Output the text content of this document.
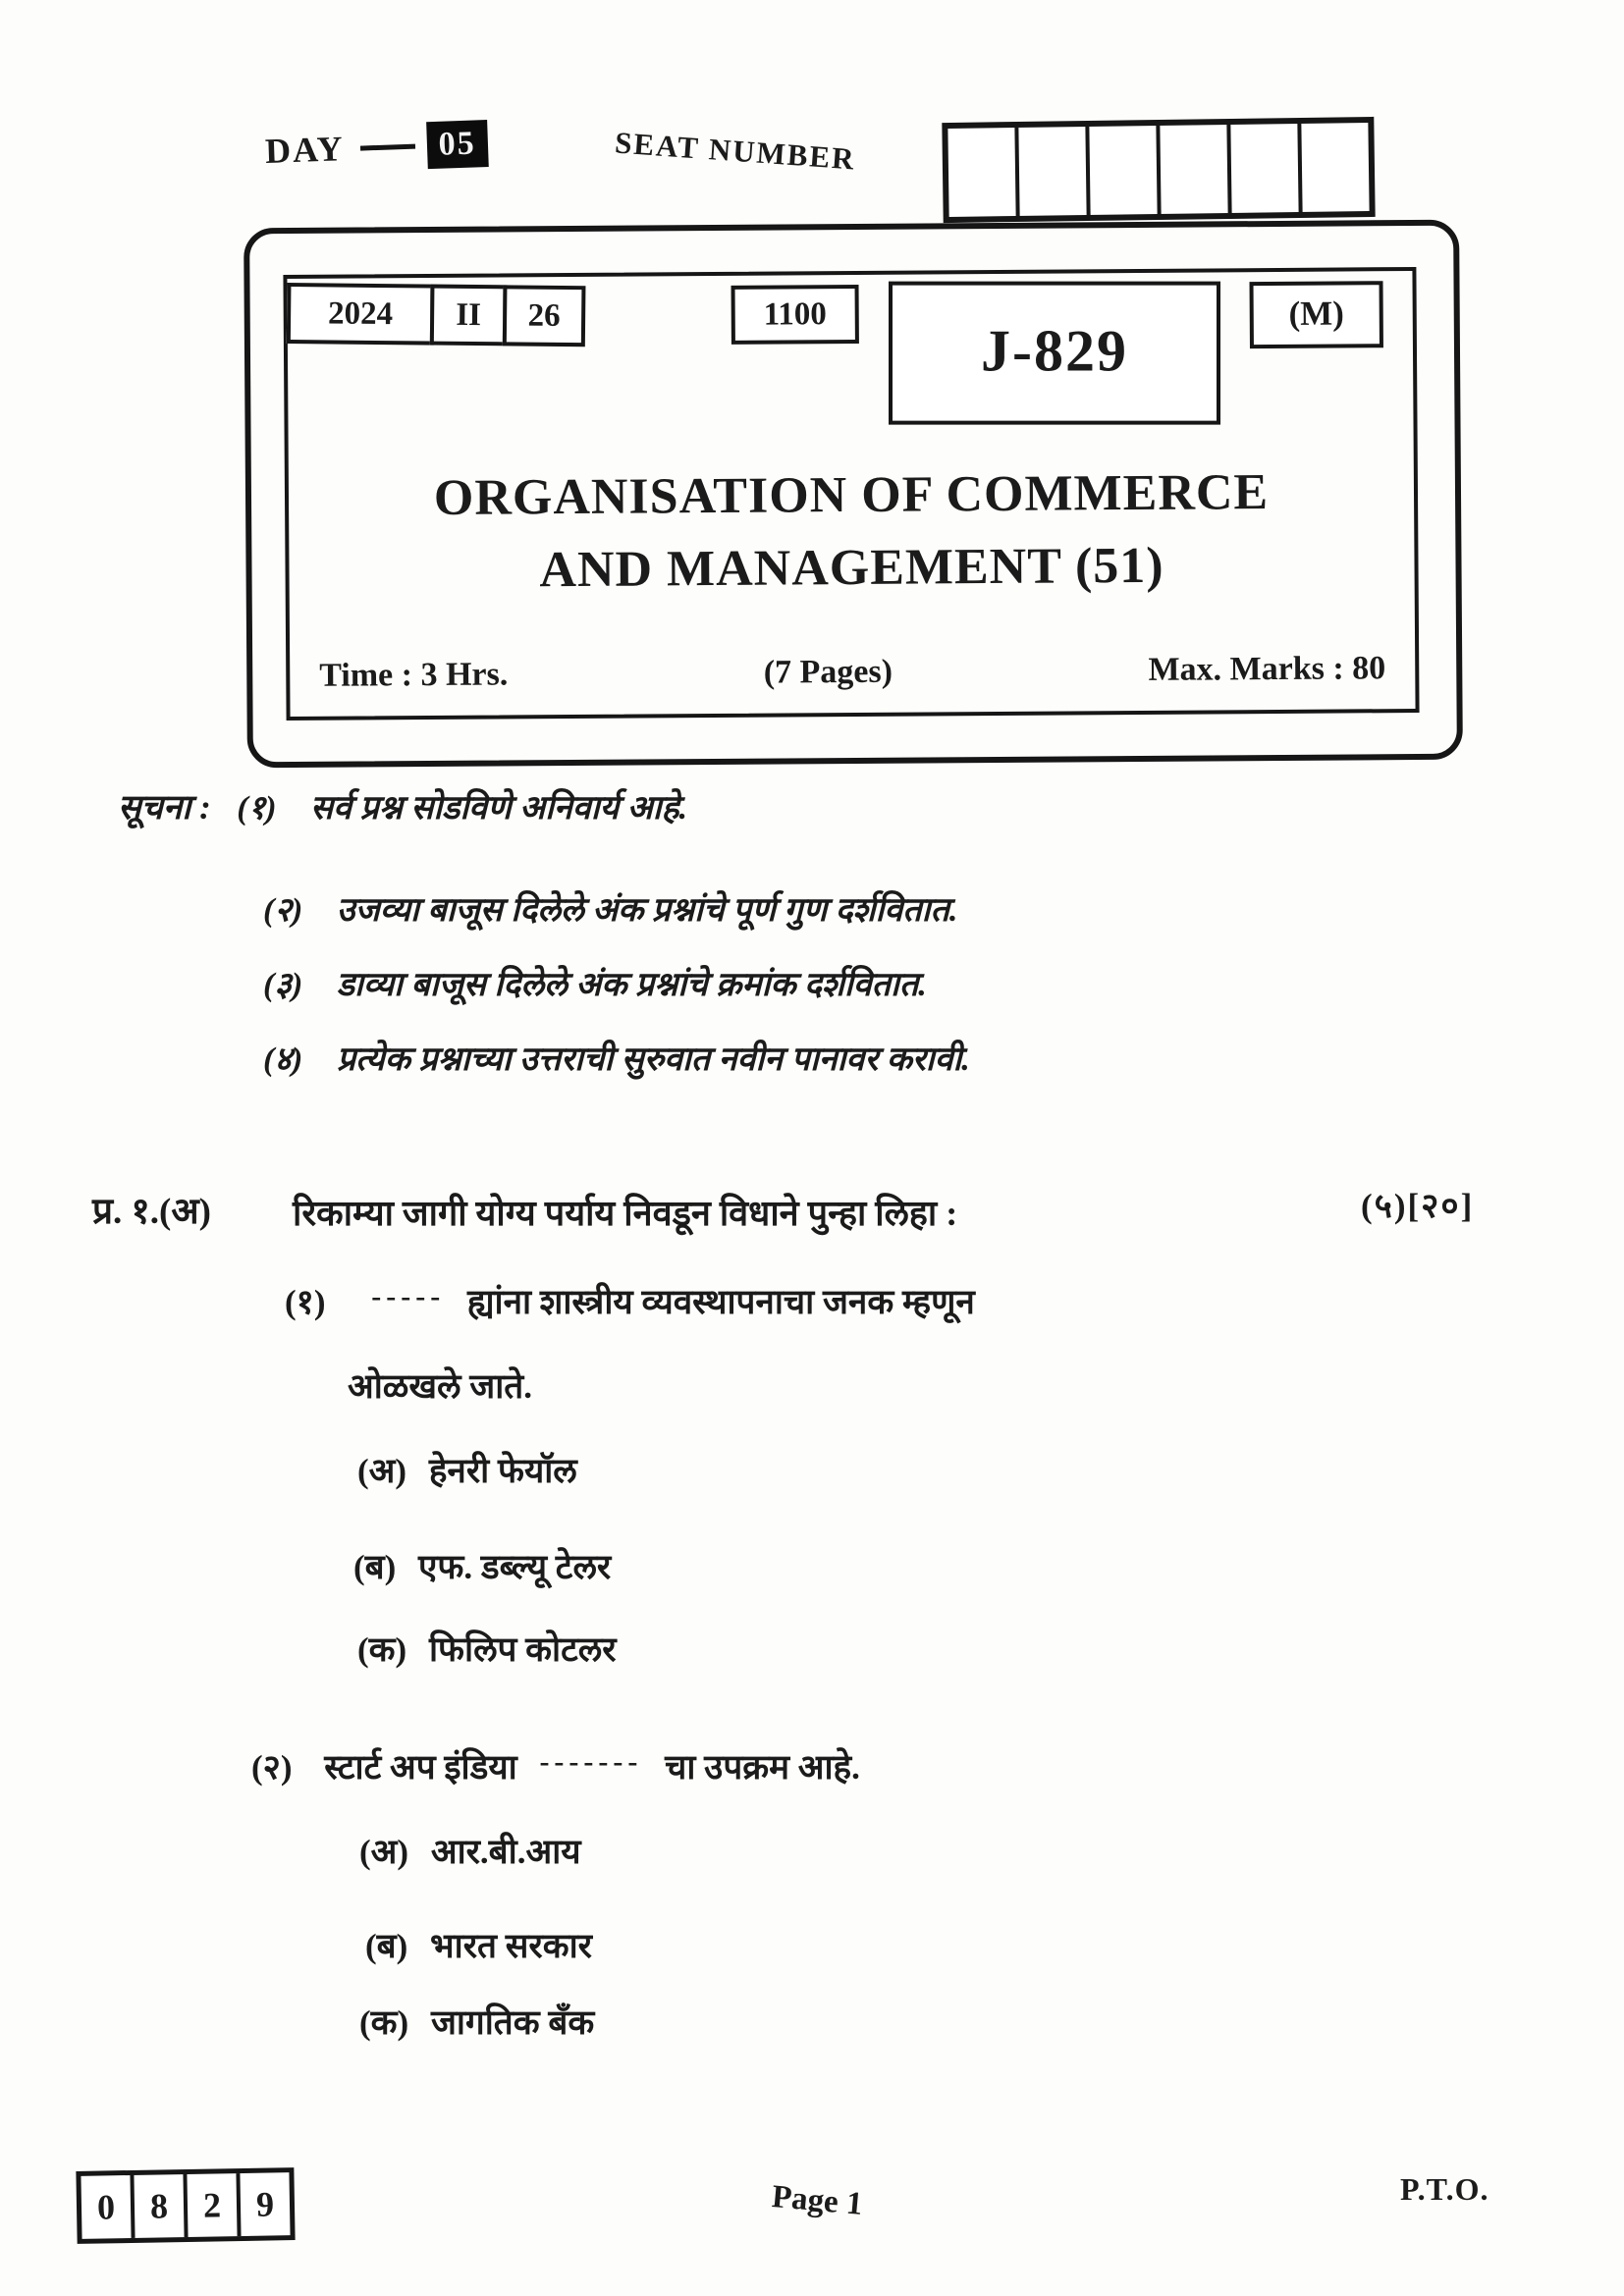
DAY	05	SEAT NUMBER
2024	II	26	1100
J-829
(M)
ORGANISATION OF COMMERCE
AND MANAGEMENT (51)
Time : 3 Hrs.	(7 Pages)	Max. Marks : 80
सूचना : (१) सर्व प्रश्न सोडविणे अनिवार्य आहे.
(२) उजव्या बाजूस दिलेले अंक प्रश्नांचे पूर्ण गुण दर्शवितात.
(३) डाव्या बाजूस दिलेले अंक प्रश्नांचे क्रमांक दर्शवितात.
(४) प्रत्येक प्रश्नाच्या उत्तराची सुरुवात नवीन पानावर करावी.
प्र. १.(अ) रिकाम्या जागी योग्य पर्याय निवडून विधाने पुन्हा लिहा :	(५)[२०]
(१) ----- ह्यांना शास्त्रीय व्यवस्थापनाचा जनक म्हणून
ओळखले जाते.
(अ) हेनरी फेयॉल
(ब) एफ. डब्ल्यू टेलर
(क) फिलिप कोटलर
(२) स्टार्ट अप इंडिया ------- चा उपक्रम आहे.
(अ) आर.बी.आय
(ब) भारत सरकार
(क) जागतिक बँक
0 8 2 9	Page 1	P.T.O.
